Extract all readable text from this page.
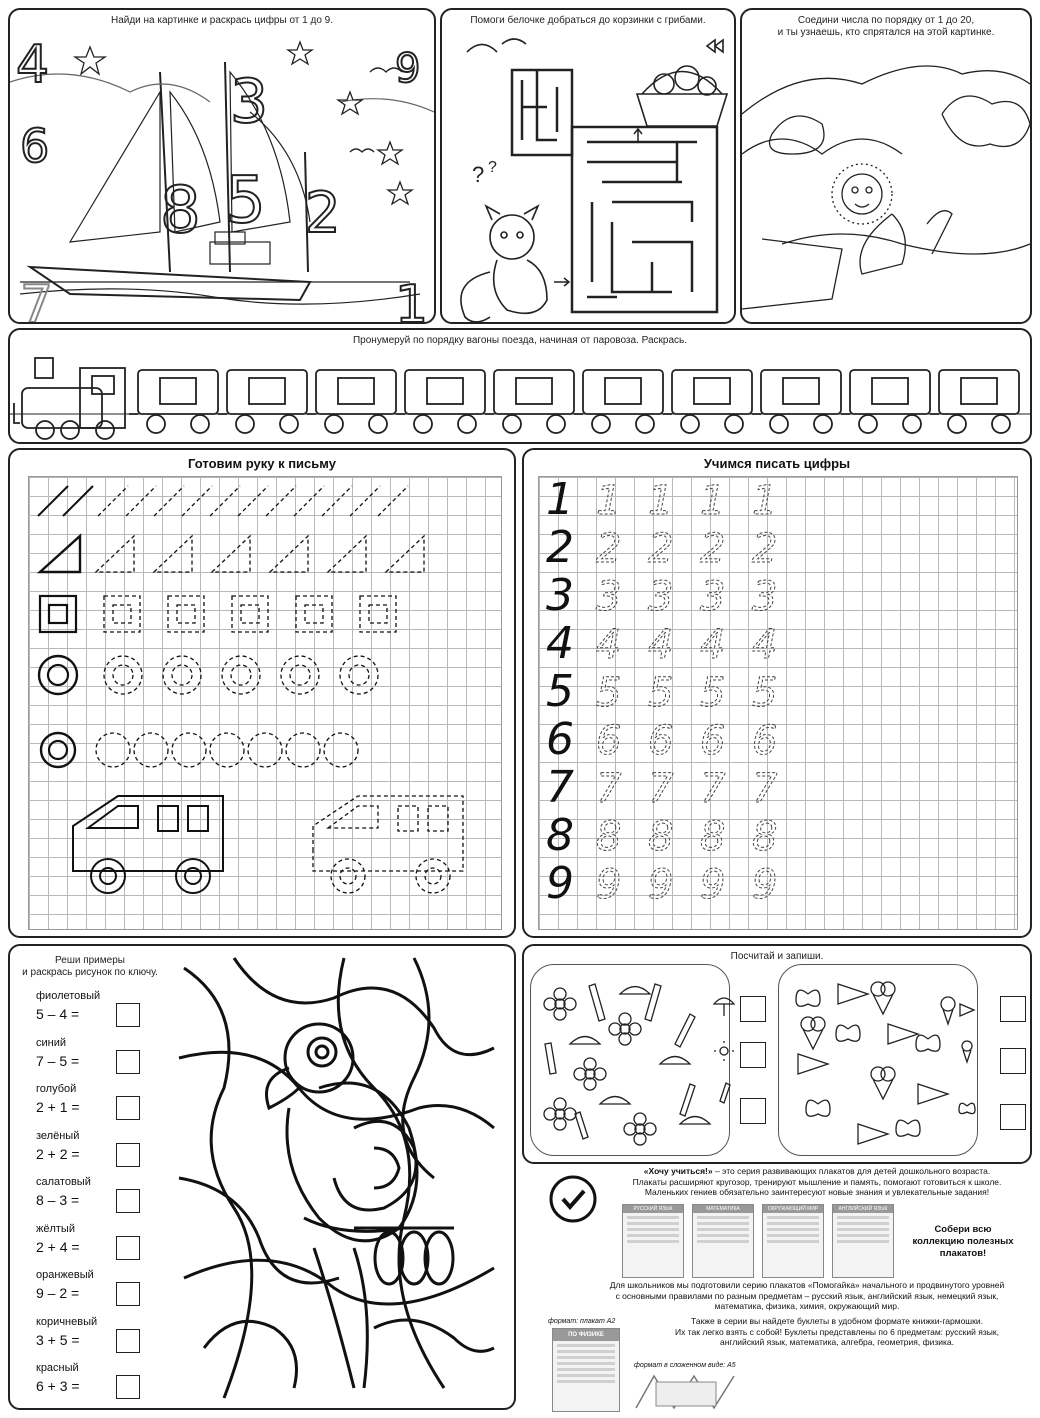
Найди на картинке и раскрась цифры от 1 до 9.
4
6
3	9
8 5 2
7	1
Помоги белочке добраться до корзинки с грибами.
? ?
Соедини числа по порядку от 1 до 20,
и ты узнаешь, кто спрятался на этой картинке.
Пронумеруй по порядку вагоны поезда, начиная от паровоза. Раскрась.
Готовим руку к письму	Учимся писать цифры
1 1 1 1 1
2 2 2 2 2
3 3 3 3 3
4 4 4 4 4
5 5 5 5 5
6 6 6 6 6
7 7 7 7 7
8 8 8 8 8
9 9 9 9 9
Реши примеры
и раскрась рисунок по ключу.
фиолетовый
5 – 4 =
синий
7 – 5 =
голубой
2 + 1 =
зелёный
2 + 2 =
салатовый
8 – 3 =
жёлтый
2 + 4 =
оранжевый
9 – 2 =
коричневый
3 + 5 =
красный
6 + 3 =
Посчитай и запиши.
«Хочу учиться!» – это серия развивающих плакатов для детей дошкольного возраста.
Плакаты расширяют кругозор, тренируют мышление и память, помогают готовиться к школе.
Маленьких гениев обязательно заинтересуют новые знания и увлекательные задания!
РУССКИЙ ЯЗЫК	МАТЕМАТИКА	ОКРУЖАЮЩИЙ МИР	АНГЛИЙСКИЙ ЯЗЫК
Собери всю коллекцию полезных плакатов!
Для школьников мы подготовили серию плакатов «Помогайка» начального и продвинутого уровней
с основными правилами по разным предметам – русский язык, английский язык, немецкий язык,
математика, физика, химия, окружающий мир.
Также в серии вы найдете буклеты в удобном формате книжки-гармошки.
Их так легко взять с собой! Буклеты представлены по 6 предметам: русский язык,
английский язык, математика, алгебра, геометрия, физика.
формат: плакат A2
ПО ФИЗИКЕ
формат в сложенном виде: A5
